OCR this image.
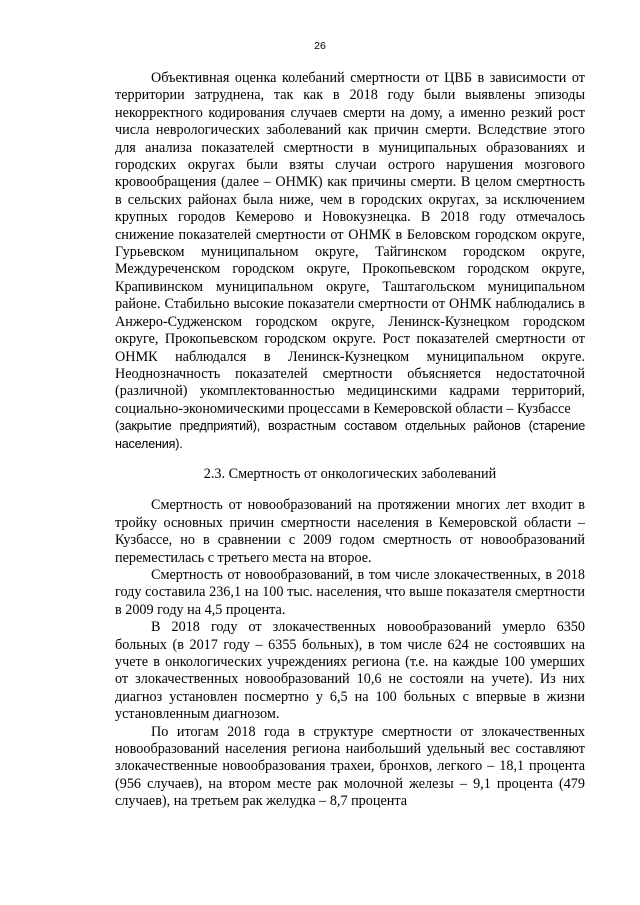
26

Объективная оценка колебаний смертности от ЦВБ в зависимости от территории затруднена, так как в 2018 году были выявлены эпизоды некорректного кодирования случаев смерти на дому, а именно резкий рост числа неврологических заболеваний как причин смерти. Вследствие этого для анализа показателей смертности в муниципальных образованиях и городских округах были взяты случаи острого нарушения мозгового кровообращения (далее – ОНМК) как причины смерти. В целом смертность в сельских районах была ниже, чем в городских округах, за исключением крупных городов Кемерово и Новокузнецка. В 2018 году отмечалось снижение показателей смертности от ОНМК в Беловском городском округе, Гурьевском муниципальном округе, Тайгинском городском округе, Междуреченском городском округе, Прокопьевском городском округе, Крапивинском муниципальном округе, Таштагольском муниципальном районе. Стабильно высокие показатели смертности от ОНМК наблюдались в Анжеро-Судженском городском округе, Ленинск-Кузнецком городском округе, Прокопьевском городском округе. Рост показателей смертности от ОНМК наблюдался в Ленинск-Кузнецком муниципальном округе. Неоднозначность показателей смертности объясняется недостаточной (различной) укомплектованностью медицинскими кадрами территорий, социально-экономическими процессами в Кемеровской области – Кузбассе

(закрытие предприятий), возрастным составом отдельных районов (старение населения).

2.3. Смертность от онкологических заболеваний

Смертность от новообразований на протяжении многих лет входит в тройку основных причин смертности населения в Кемеровской области – Кузбассе, но в сравнении с 2009 годом смертность от новообразований переместилась с третьего места на второе.

Смертность от новообразований, в том числе злокачественных, в 2018 году составила 236,1 на 100 тыс. населения, что выше показателя смертности в 2009 году на 4,5 процента.

В 2018 году от злокачественных новообразований умерло 6350 больных (в 2017 году – 6355 больных), в том числе 624 не состоявших на учете в онкологических учреждениях региона (т.е. на каждые 100 умерших от злокачественных новообразований 10,6 не состояли на учете). Из них диагноз установлен посмертно у 6,5 на 100 больных с впервые в жизни установленным диагнозом.

По итогам 2018 года в структуре смертности от злокачественных новообразований населения региона наибольший удельный вес составляют злокачественные новообразования трахеи, бронхов, легкого – 18,1 процента (956 случаев), на втором месте рак молочной железы – 9,1 процента (479 случаев), на третьем рак желудка – 8,7 процента
